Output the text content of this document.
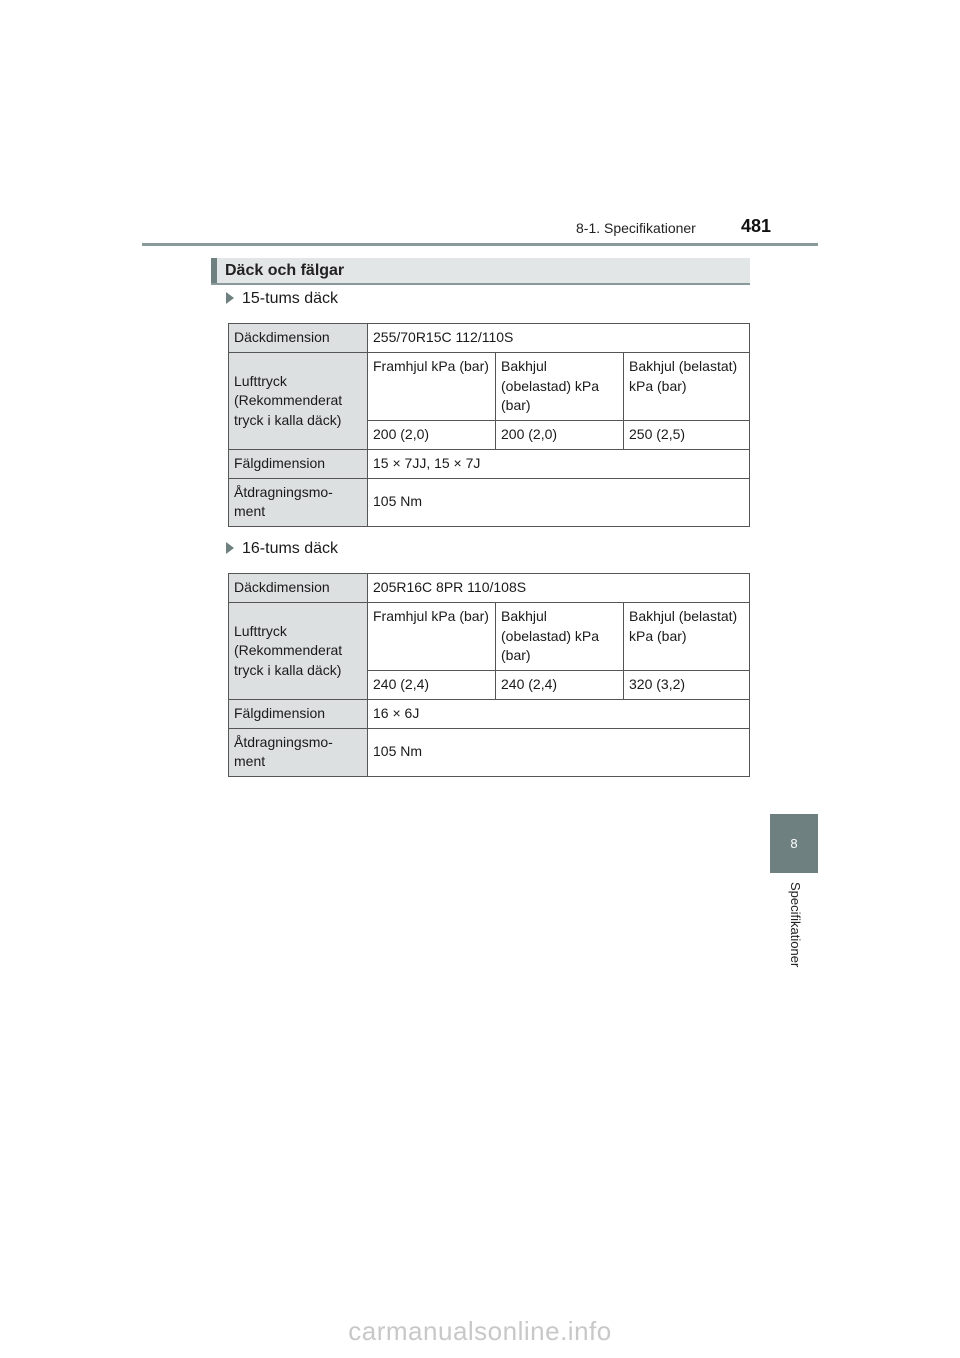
8-1. Specifikationer	481
Däck och fälgar
15-tums däck
Däckdimension	255/70R15C 112/110S		
Lufttryck (Rekommenderat tryck i kalla däck)	Framhjul kPa (bar)	Bakhjul (obelastad) kPa (bar)	Bakhjul (belastat) kPa (bar)
	200 (2,0)	200 (2,0)	250 (2,5)
Fälgdimension	15 × 7JJ, 15 × 7J		
Åtdragningsmo- ment	105 Nm		
16-tums däck
Däckdimension	205R16C 8PR 110/108S		
Lufttryck (Rekommenderat tryck i kalla däck)	Framhjul kPa (bar)	Bakhjul (obelastad) kPa (bar)	Bakhjul (belastat) kPa (bar)
	240 (2,4)	240 (2,4)	320 (3,2)
Fälgdimension	16 × 6J		
Åtdragningsmo- ment	105 Nm		
8
Specifikationer
carmanualsonline.info
